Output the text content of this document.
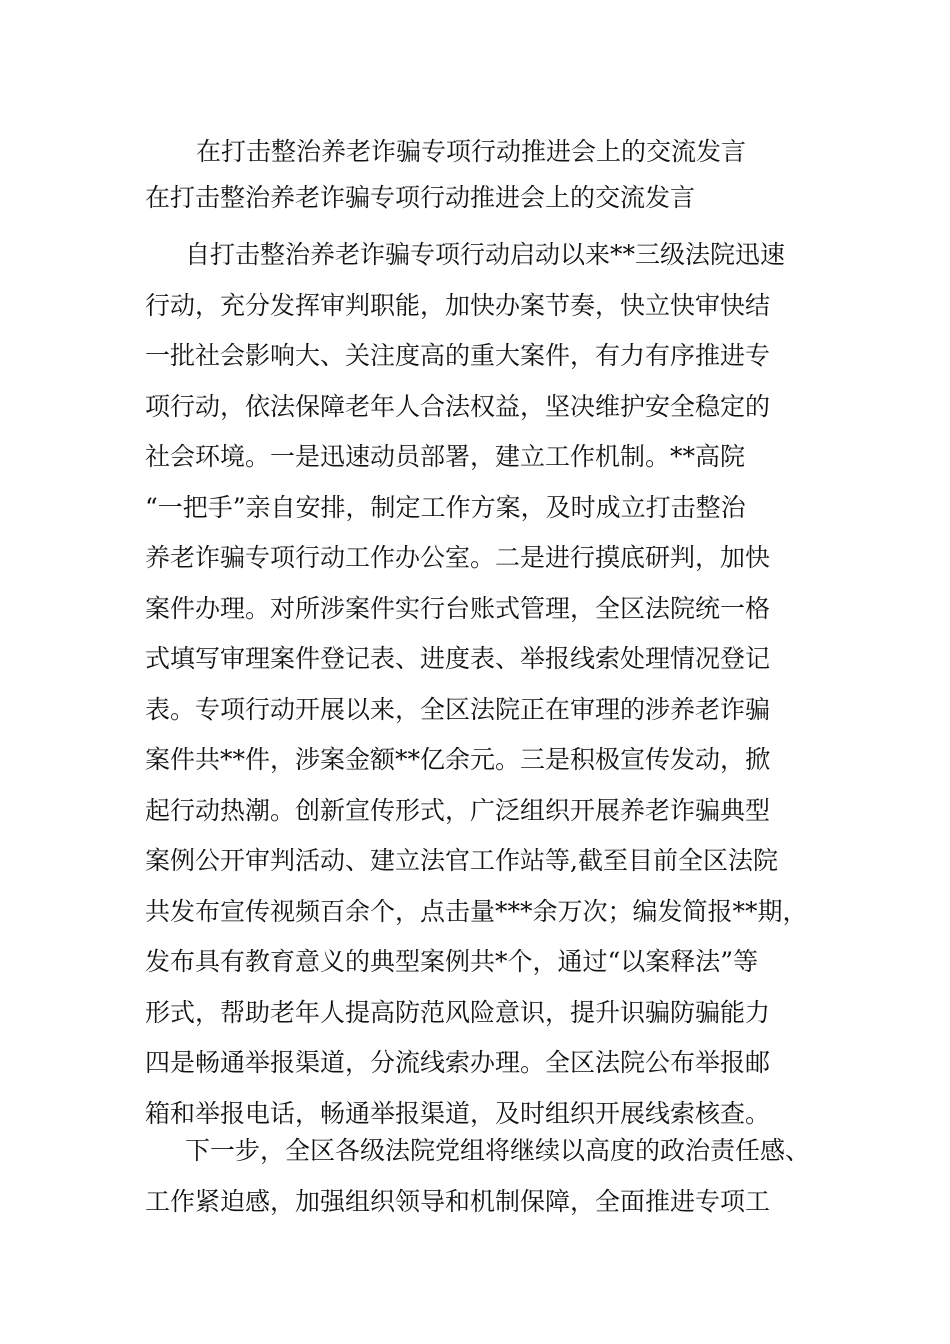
在打击整治养老诈骗专项行动推进会上的交流发言
在打击整治养老诈骗专项行动推进会上的交流发言
自打击整治养老诈骗专项行动启动以来**三级法院迅速
行动，充分发挥审判职能，加快办案节奏，快立快审快结
一批社会影响大、关注度高的重大案件，有力有序推进专
项行动，依法保障老年人合法权益，坚决维护安全稳定的
社会环境。一是迅速动员部署，建立工作机制。**高院
“一把手”亲自安排，制定工作方案，及时成立打击整治
养老诈骗专项行动工作办公室。二是进行摸底研判，加快
案件办理。对所涉案件实行台账式管理，全区法院统一格
式填写审理案件登记表、进度表、举报线索处理情况登记
表。专项行动开展以来，全区法院正在审理的涉养老诈骗
案件共**件，涉案金额**亿余元。三是积极宣传发动，掀
起行动热潮。创新宣传形式，广泛组织开展养老诈骗典型
案例公开审判活动、建立法官工作站等,截至目前全区法院
共发布宣传视频百余个，点击量***余万次；编发简报**期，
发布具有教育意义的典型案例共*个，通过“以案释法”等
形式，帮助老年人提高防范风险意识，提升识骗防骗能力
四是畅通举报渠道，分流线索办理。全区法院公布举报邮
箱和举报电话，畅通举报渠道，及时组织开展线索核查。
下一步，全区各级法院党组将继续以高度的政治责任感、
工作紧迫感，加强组织领导和机制保障，全面推进专项工
